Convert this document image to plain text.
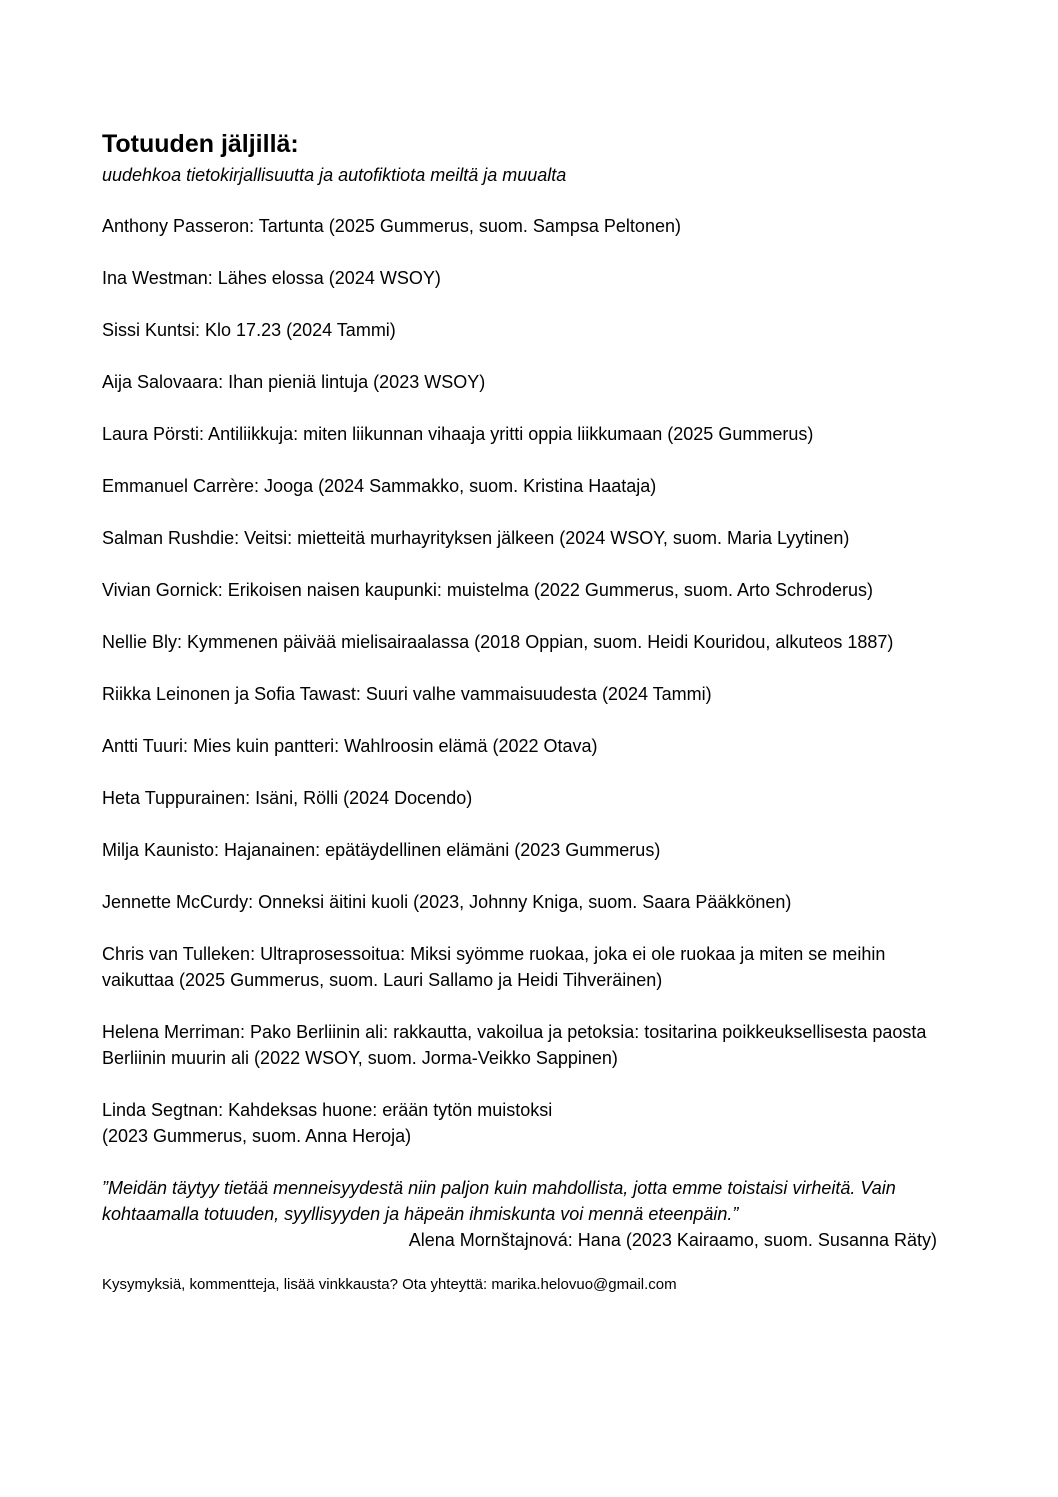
Totuuden jäljillä:
uudehkoa tietokirjallisuutta ja autofiktiota meiltä ja muualta
Anthony Passeron: Tartunta (2025 Gummerus, suom. Sampsa Peltonen)
Ina Westman: Lähes elossa (2024 WSOY)
Sissi Kuntsi: Klo 17.23 (2024 Tammi)
Aija Salovaara: Ihan pieniä lintuja (2023 WSOY)
Laura Pörsti: Antiliikkuja: miten liikunnan vihaaja yritti oppia liikkumaan (2025 Gummerus)
Emmanuel Carrère: Jooga (2024 Sammakko, suom. Kristina Haataja)
Salman Rushdie: Veitsi: mietteitä murhayrityksen jälkeen (2024 WSOY, suom. Maria Lyytinen)
Vivian Gornick: Erikoisen naisen kaupunki: muistelma (2022 Gummerus, suom. Arto Schroderus)
Nellie Bly: Kymmenen päivää mielisairaalassa (2018 Oppian, suom. Heidi Kouridou, alkuteos 1887)
Riikka Leinonen ja Sofia Tawast: Suuri valhe vammaisuudesta (2024 Tammi)
Antti Tuuri: Mies kuin pantteri: Wahlroosin elämä (2022 Otava)
Heta Tuppurainen: Isäni, Rölli (2024 Docendo)
Milja Kaunisto: Hajanainen: epätäydellinen elämäni (2023 Gummerus)
Jennette McCurdy: Onneksi äitini kuoli (2023, Johnny Kniga, suom. Saara Pääkkönen)
Chris van Tulleken: Ultraprosessoitua: Miksi syömme ruokaa, joka ei ole ruokaa ja miten se meihin vaikuttaa (2025 Gummerus, suom. Lauri Sallamo ja Heidi Tihveräinen)
Helena Merriman: Pako Berliinin ali: rakkautta, vakoilua ja petoksia: tositarina poikkeuksellisesta paosta Berliinin muurin ali (2022 WSOY, suom. Jorma-Veikko Sappinen)
Linda Segtnan: Kahdeksas huone: erään tytön muistoksi
(2023 Gummerus, suom. Anna Heroja)
”Meidän täytyy tietää menneisyydestä niin paljon kuin mahdollista, jotta emme toistaisi virheitä. Vain kohtaamalla totuuden, syyllisyyden ja häpeän ihmiskunta voi mennä eteenpäin.”
Alena Mornštajnová: Hana (2023 Kairaamo, suom. Susanna Räty)
Kysymyksiä, kommentteja, lisää vinkkausta? Ota yhteyttä: marika.helovuo@gmail.com
